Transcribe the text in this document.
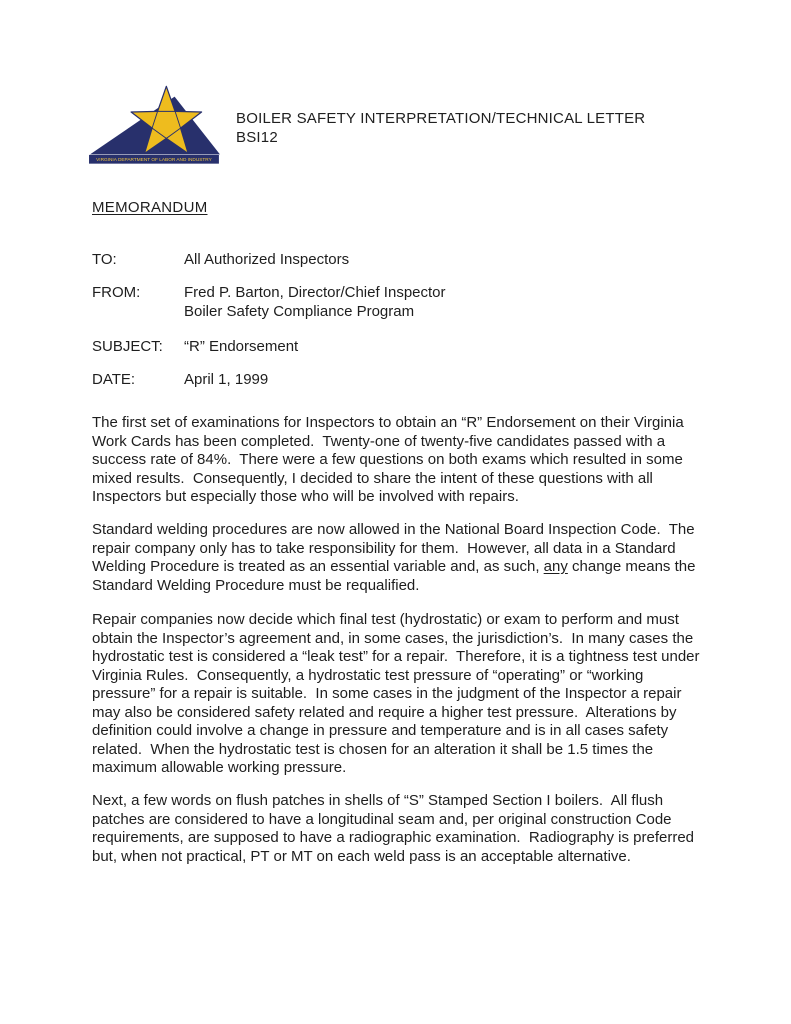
VIRGINIA DEPARTMENT OF LABOR AND INDUSTRY
BOILER SAFETY INTERPRETATION/TECHNICAL LETTER
BSI12
MEMORANDUM
TO:	All Authorized Inspectors
FROM:	Fred P. Barton, Director/Chief Inspector
Boiler Safety Compliance Program
SUBJECT:	“R” Endorsement
DATE:	April 1, 1999
The first set of examinations for Inspectors to obtain an “R” Endorsement on their Virginia Work Cards has been completed.  Twenty-one of twenty-five candidates passed with a success rate of 84%.  There were a few questions on both exams which resulted in some mixed results.  Consequently, I decided to share the intent of these questions with all Inspectors but especially those who will be involved with repairs.
Standard welding procedures are now allowed in the National Board Inspection Code.  The repair company only has to take responsibility for them.  However, all data in a Standard Welding Procedure is treated as an essential variable and, as such, any change means the Standard Welding Procedure must be requalified.
Repair companies now decide which final test (hydrostatic) or exam to perform and must obtain the Inspector’s agreement and, in some cases, the jurisdiction’s.  In many cases the hydrostatic test is considered a “leak test” for a repair.  Therefore, it is a tightness test under Virginia Rules.  Consequently, a hydrostatic test pressure of “operating” or “working pressure” for a repair is suitable.  In some cases in the judgment of the Inspector a repair may also be considered safety related and require a higher test pressure.  Alterations by definition could involve a change in pressure and temperature and is in all cases safety related.  When the hydrostatic test is chosen for an alteration it shall be 1.5 times the maximum allowable working pressure.
Next, a few words on flush patches in shells of “S” Stamped Section I boilers.  All flush patches are considered to have a longitudinal seam and, per original construction Code requirements, are supposed to have a radiographic examination.  Radiography is preferred but, when not practical, PT or MT on each weld pass is an acceptable alternative.
